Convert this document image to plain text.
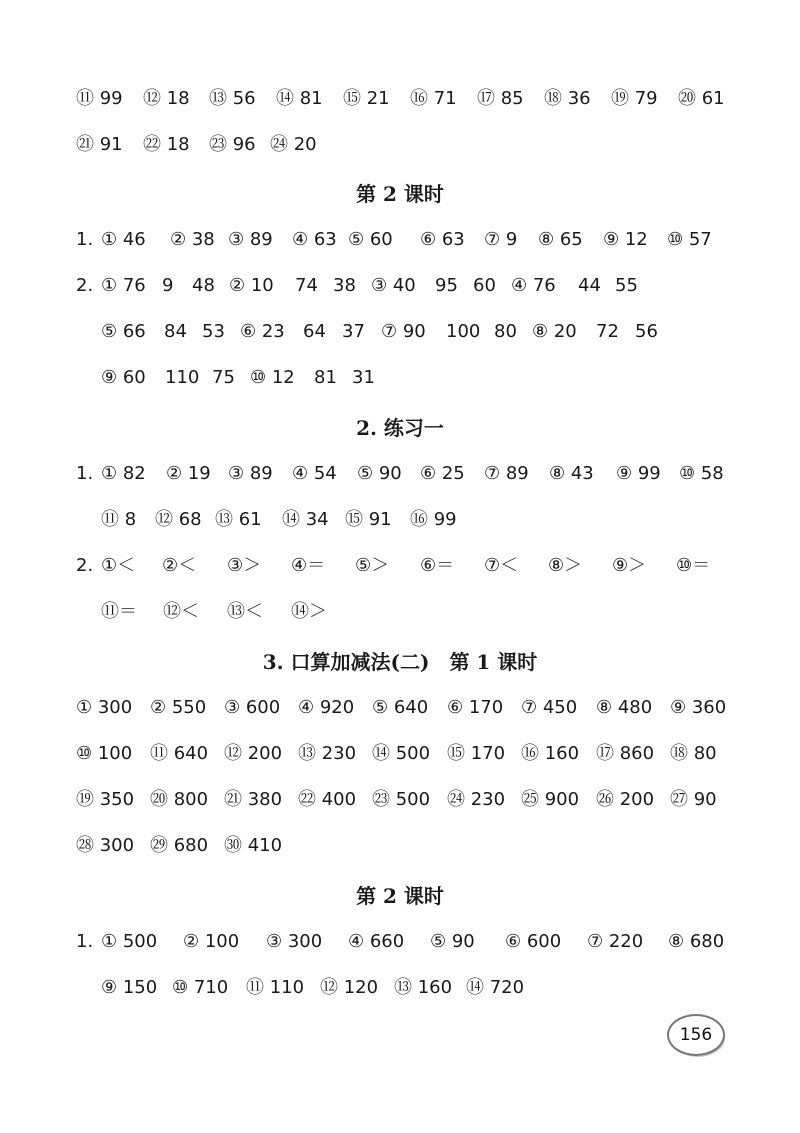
⑪ 99 ⑫ 18 ⑬ 56 ⑭ 81 ⑮ 21 ⑯ 71 ⑰ 85 ⑱ 36 ⑲ 79 ⑳ 61
㉑ 91 ㉒ 18 ㉓ 96 ㉔ 20
第 2 课时
1. ① 46 ② 38 ③ 89 ④ 63 ⑤ 60 ⑥ 63 ⑦ 9 ⑧ 65 ⑨ 12 ⑩ 57
2. ① 76 9 48 ② 10 74 38 ③ 40 95 60 ④ 76 44 55
⑤ 66 84 53 ⑥ 23 64 37 ⑦ 90 100 80 ⑧ 20 72 56
⑨ 60 110 75 ⑩ 12 81 31
2. 练习一
1. ① 82 ② 19 ③ 89 ④ 54 ⑤ 90 ⑥ 25 ⑦ 89 ⑧ 43 ⑨ 99 ⑩ 58
⑪ 8 ⑫ 68 ⑬ 61 ⑭ 34 ⑮ 91 ⑯ 99
2. ①＜ ②＜ ③＞ ④＝ ⑤＞ ⑥＝ ⑦＜ ⑧＞ ⑨＞ ⑩＝
⑪＝ ⑫＜ ⑬＜ ⑭＞
3. 口算加减法(二)　第 1 课时
① 300 ② 550 ③ 600 ④ 920 ⑤ 640 ⑥ 170 ⑦ 450 ⑧ 480 ⑨ 360
⑩ 100 ⑪ 640 ⑫ 200 ⑬ 230 ⑭ 500 ⑮ 170 ⑯ 160 ⑰ 860 ⑱ 80
⑲ 350 ⑳ 800 ㉑ 380 ㉒ 400 ㉓ 500 ㉔ 230 ㉕ 900 ㉖ 200 ㉗ 90
㉘ 300 ㉙ 680 ㉚ 410
第 2 课时
1. ① 500 ② 100 ③ 300 ④ 660 ⑤ 90 ⑥ 600 ⑦ 220 ⑧ 680
⑨ 150 ⑩ 710 ⑪ 110 ⑫ 120 ⑬ 160 ⑭ 720
156
